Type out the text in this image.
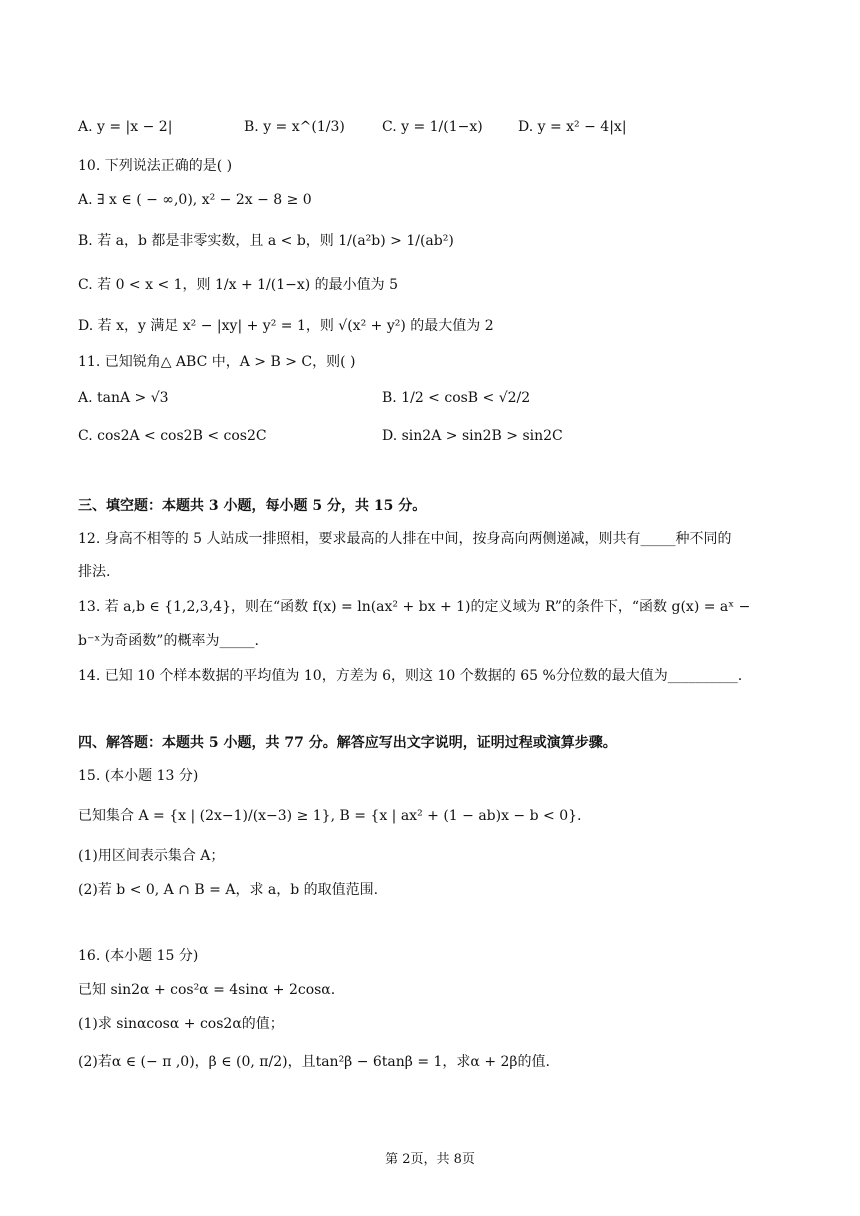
A. y = |x − 2|	B. y = x^(1/3)	C. y = 1/(1−x)	D. y = x² − 4|x|
10. 下列说法正确的是( )
A. ∃ x ∈ ( − ∞,0), x² − 2x − 8 ≥ 0
B. 若 a，b 都是非零实数，且 a < b，则 1/(a²b) > 1/(ab²)
C. 若 0 < x < 1，则 1/x + 1/(1−x) 的最小值为 5
D. 若 x，y 满足 x² − |xy| + y² = 1，则 √(x² + y²) 的最大值为 2
11. 已知锐角△ ABC 中，A > B > C，则( )
A. tanA > √3	B. 1/2 < cosB < √2/2
C. cos2A < cos2B < cos2C	D. sin2A > sin2B > sin2C
三、填空题：本题共 3 小题，每小题 5 分，共 15 分。
12. 身高不相等的 5 人站成一排照相，要求最高的人排在中间，按身高向两侧递减，则共有_____种不同的
排法.
13. 若 a,b ∈ {1,2,3,4}，则在“函数 f(x) = ln(ax² + bx + 1)的定义域为 R”的条件下，“函数 g(x) = aˣ −
b⁻ˣ为奇函数”的概率为_____.
14. 已知 10 个样本数据的平均值为 10，方差为 6，则这 10 个数据的 65 %分位数的最大值为__________.
四、解答题：本题共 5 小题，共 77 分。解答应写出文字说明，证明过程或演算步骤。
15. (本小题 13 分)
已知集合 A = {x | (2x−1)/(x−3) ≥ 1}, B = {x | ax² + (1 − ab)x − b < 0}.
(1)用区间表示集合 A；
(2)若 b < 0, A ∩ B = A，求 a，b 的取值范围.
16. (本小题 15 分)
已知 sin2α + cos²α = 4sinα + 2cosα.
(1)求 sinαcosα + cos2α的值；
(2)若α ∈ (− π ,0)，β ∈ (0, π/2)，且tan²β − 6tanβ = 1，求α + 2β的值.
第 2页，共 8页
